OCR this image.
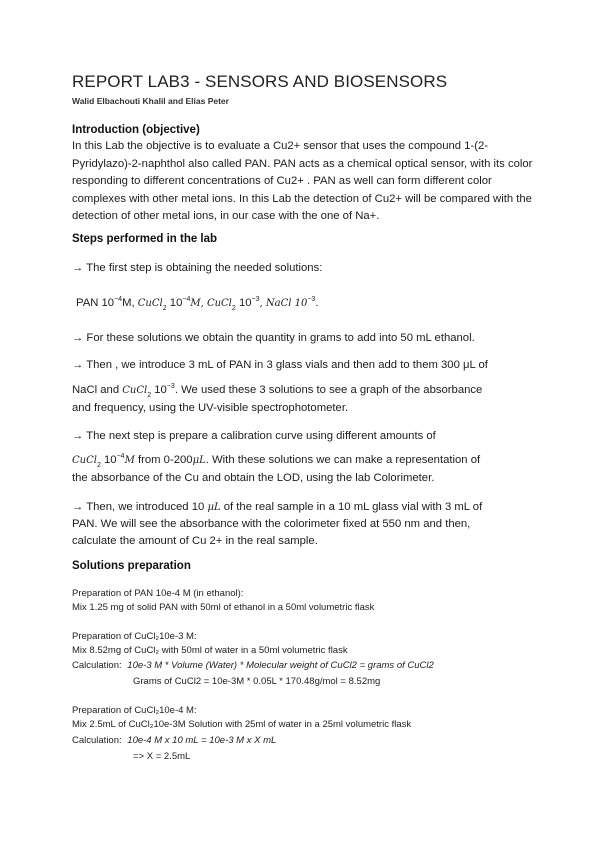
REPORT LAB3 - SENSORS AND BIOSENSORS
Walid Elbachouti Khalil and Elias Peter
Introduction (objective)
In this Lab the objective is to evaluate a Cu2+ sensor that uses the compound 1-(2-Pyridylazo)-2-naphthol also called PAN. PAN acts as a chemical optical sensor, with its color responding to different concentrations of Cu2+ . PAN as well can form different color complexes with other metal ions. In this Lab the detection of Cu2+ will be compared with the detection of other metal ions, in our case with the one of Na+.
Steps performed in the lab
→ The first step is obtaining the needed solutions:
PAN $10^{-4}M$, CuCl$_2$ $10^{-4}M$, CuCl$_2$ $10^{-3}$, NaCl $10^{-3}$.
→ For these solutions we obtain the quantity in grams to add into 50 mL ethanol.
→ Then , we introduce 3 mL of PAN in 3 glass vials and then add to them 300 μL of
NaCl and CuCl$_2$ $10^{-3}$. We used these 3 solutions to see a graph of the absorbance
and frequency, using the UV-visible spectrophotometer.
→ The next step is prepare a calibration curve using different amounts of
CuCl$_2$ $10^{-4}M$ from 0-200μL. With these solutions we can make a representation of
the absorbance of the Cu and obtain the LOD, using the lab Colorimeter.
→ Then, we introduced 10 μL of the real sample in a 10 mL glass vial with 3 mL of
PAN. We will see the absorbance with the colorimeter fixed at 550 nm and then,
calculate the amount of Cu 2+ in the real sample.
Solutions preparation
Preparation of PAN 10e-4 M (in ethanol):
Mix 1.25 mg of solid PAN with 50ml of ethanol in a 50ml volumetric flask
Preparation of CuCl₂10e-3 M:
Mix 8.52mg of CuCl₂ with 50ml of water in a 50ml volumetric flask
Calculation: 10e-3 M * Volume (Water) * Molecular weight of CuCl2 = grams of CuCl2
Grams of CuCl2 = 10e-3M * 0.05L * 170.48g/mol = 8.52mg
Preparation of CuCl₂10e-4 M:
Mix 2.5mL of CuCl₂10e-3M Solution with 25ml of water in a 25ml volumetric flask
Calculation: 10e-4 M x 10 mL = 10e-3 M x X mL
=> X = 2.5mL
